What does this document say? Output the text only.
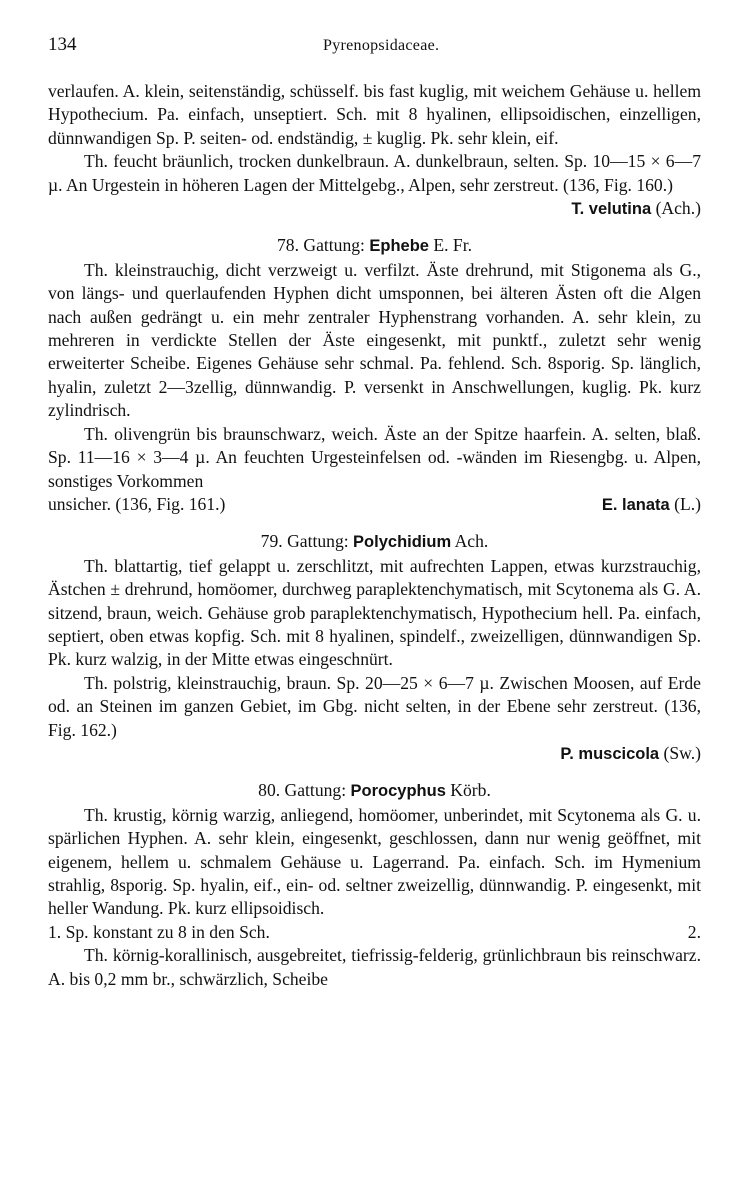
134	Pyrenopsidaceae.

verlaufen. A. klein, seitenständig, schüsself. bis fast kuglig, mit weichem Gehäuse u. hellem Hypothecium. Pa. einfach, unseptiert. Sch. mit 8 hyalinen, ellipsoidischen, einzelligen, dünnwandigen Sp. P. seiten- od. endständig, ± kuglig. Pk. sehr klein, eif.

Th. feucht bräunlich, trocken dunkelbraun. A. dunkelbraun, selten. Sp. 10—15 × 6—7 µ. An Urgestein in höheren Lagen der Mittelgebg., Alpen, sehr zerstreut. (136, Fig. 160.)

T. velutina (Ach.)

78. Gattung: Ephebe E. Fr.

Th. kleinstrauchig, dicht verzweigt u. verfilzt. Äste drehrund, mit Stigonema als G., von längs- und querlaufenden Hyphen dicht umsponnen, bei älteren Ästen oft die Algen nach außen gedrängt u. ein mehr zentraler Hyphenstrang vorhanden. A. sehr klein, zu mehreren in verdickte Stellen der Äste eingesenkt, mit punktf., zuletzt sehr wenig erweiterter Scheibe. Eigenes Gehäuse sehr schmal. Pa. fehlend. Sch. 8sporig. Sp. länglich, hyalin, zuletzt 2—3zellig, dünnwandig. P. versenkt in Anschwellungen, kuglig. Pk. kurz zylindrisch.

Th. olivengrün bis braunschwarz, weich. Äste an der Spitze haarfein. A. selten, blaß. Sp. 11—16 × 3—4 µ. An feuchten Urgesteinfelsen od. -wänden im Riesengbg. u. Alpen, sonstiges Vorkommen

unsicher. (136, Fig. 161.)	E. lanata (L.)

79. Gattung: Polychidium Ach.

Th. blattartig, tief gelappt u. zerschlitzt, mit aufrechten Lappen, etwas kurzstrauchig, Ästchen ± drehrund, homöomer, durchweg paraplektenchymatisch, mit Scytonema als G. A. sitzend, braun, weich. Gehäuse grob paraplektenchymatisch, Hypothecium hell. Pa. einfach, septiert, oben etwas kopfig. Sch. mit 8 hyalinen, spindelf., zweizelligen, dünnwandigen Sp. Pk. kurz walzig, in der Mitte etwas eingeschnürt.

Th. polstrig, kleinstrauchig, braun. Sp. 20—25 × 6—7 µ. Zwischen Moosen, auf Erde od. an Steinen im ganzen Gebiet, im Gbg. nicht selten, in der Ebene sehr zerstreut. (136, Fig. 162.)

P. muscicola (Sw.)

80. Gattung: Porocyphus Körb.

Th. krustig, körnig warzig, anliegend, homöomer, unberindet, mit Scytonema als G. u. spärlichen Hyphen. A. sehr klein, eingesenkt, geschlossen, dann nur wenig geöffnet, mit eigenem, hellem u. schmalem Gehäuse u. Lagerrand. Pa. einfach. Sch. im Hymenium strahlig, 8sporig. Sp. hyalin, eif., ein- od. seltner zweizellig, dünnwandig. P. eingesenkt, mit heller Wandung. Pk. kurz ellipsoidisch.

1. Sp. konstant zu 8 in den Sch.	2.

Th. körnig-korallinisch, ausgebreitet, tiefrissig-felderig, grünlichbraun bis reinschwarz. A. bis 0,2 mm br., schwärzlich, Scheibe
